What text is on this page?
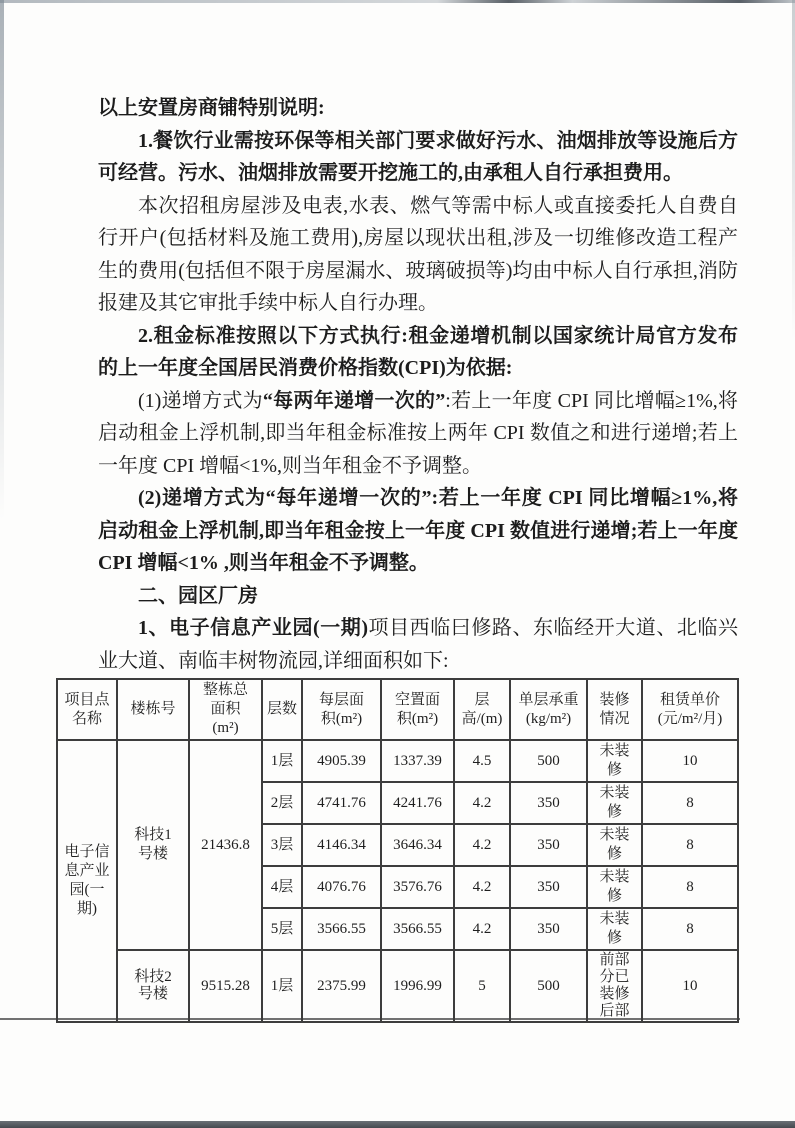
以上安置房商铺特别说明:

1.餐饮行业需按环保等相关部门要求做好污水、油烟排放等设施后方可经营。污水、油烟排放需要开挖施工的,由承租人自行承担费用。

本次招租房屋涉及电表,水表、燃气等需中标人或直接委托人自费自行开户(包括材料及施工费用),房屋以现状出租,涉及一切维修改造工程产生的费用(包括但不限于房屋漏水、玻璃破损等)均由中标人自行承担,消防报建及其它审批手续中标人自行办理。

2.租金标准按照以下方式执行:租金递增机制以国家统计局官方发布的上一年度全国居民消费价格指数(CPI)为依据:

(1)递增方式为“每两年递增一次的”:若上一年度 CPI 同比增幅≥1%,将启动租金上浮机制,即当年租金标准按上两年 CPI 数值之和进行递增;若上一年度 CPI 增幅<1%,则当年租金不予调整。

(2)递增方式为“每年递增一次的”:若上一年度 CPI 同比增幅≥1%,将启动租金上浮机制,即当年租金按上一年度 CPI 数值进行递增;若上一年度 CPI 增幅<1% ,则当年租金不予调整。

二、园区厂房

1、电子信息产业园(一期)项目西临曰修路、东临经开大道、北临兴业大道、南临丰树物流园,详细面积如下:

项目点名称	楼栋号	整栋总面积(m²)	层数	每层面积(m²)	空置面积(m²)	层高/(m)	单层承重(kg/m²)	装修情况	租赁单价(元/m²/月)
电子信息产业园(一期)	科技1号楼	21436.8	1层	4905.39	1337.39	4.5	500	未装修	10
			2层	4741.76	4241.76	4.2	350	未装修	8
			3层	4146.34	3646.34	4.2	350	未装修	8
			4层	4076.76	3576.76	4.2	350	未装修	8
			5层	3566.55	3566.55	4.2	350	未装修	8
	科技2号楼	9515.28	1层	2375.99	1996.99	5	500	前部分已装修后部	10
